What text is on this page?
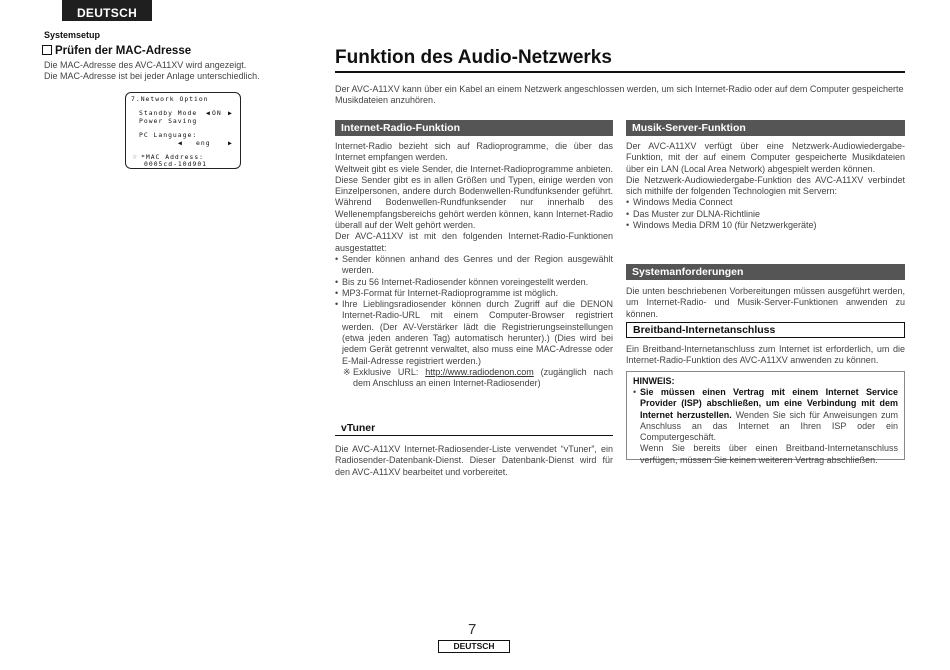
DEUTSCH
Systemsetup
Prüfen der MAC-Adresse
Die MAC-Adresse des AVC-A11XV wird angezeigt.
Die MAC-Adresse ist bei jeder Anlage unterschiedlich.
7.Network Option
Standby Mode ◀ ON ▶
Power Saving
PC Language:
◀ eng	▶
☞ *MAC Address:
0005cd-10d901
Funktion des Audio-Netzwerks
Der AVC-A11XV kann über ein Kabel an einem Netzwerk angeschlossen werden, um sich Internet-Radio oder auf dem Computer gespeicherte Musikdateien anzuhören.
Internet-Radio-Funktion
Internet-Radio bezieht sich auf Radioprogramme, die über das Internet empfangen werden.
Weltweit gibt es viele Sender, die Internet-Radioprogramme anbieten. Diese Sender gibt es in allen Größen und Typen, einige werden von Einzelpersonen, andere durch Bodenwellen-Rundfunksender geführt. Während Bodenwellen-Rundfunksender nur innerhalb des Wellenempfangsbereichs gehört werden können, kann Internet-Radio überall auf der Welt gehört werden.
Der AVC-A11XV ist mit den folgenden Internet-Radio-Funktionen ausgestattet:
• Sender können anhand des Genres und der Region ausgewählt werden.
• Bis zu 56 Internet-Radiosender können voreingestellt werden.
• MP3-Format für Internet-Radioprogramme ist möglich.
• Ihre Lieblingsradiosender können durch Zugriff auf die DENON Internet-Radio-URL mit einem Computer-Browser registriert werden. (Der AV-Verstärker lädt die Registrierungseinstellungen (etwa jeden anderen Tag) automatisch herunter).) (Dies wird bei jedem Gerät getrennt verwaltet, also muss eine MAC-Adresse oder E-Mail-Adresse registriert werden.)
※ Exklusive URL: http://www.radiodenon.com (zugänglich nach dem Anschluss an einen Internet-Radiosender)
vTuner
Die AVC-A11XV Internet-Radiosender-Liste verwendet “vTuner”, ein Radiosender-Datenbank-Dienst. Dieser Datenbank-Dienst wird für den AVC-A11XV bearbeitet und vorbereitet.
Musik-Server-Funktion
Der AVC-A11XV verfügt über eine Netzwerk-Audiowiedergabe-Funktion, mit der auf einem Computer gespeicherte Musikdateien über ein LAN (Local Area Network) abgespielt werden können.
Die Netzwerk-Audiowiedergabe-Funktion des AVC-A11XV verbindet sich mithilfe der folgenden Technologien mit Servern:
• Windows Media Connect
• Das Muster zur DLNA-Richtlinie
• Windows Media DRM 10 (für Netzwerkgeräte)
Systemanforderungen
Die unten beschriebenen Vorbereitungen müssen ausgeführt werden, um Internet-Radio- und Musik-Server-Funktionen anwenden zu können.
Breitband-Internetanschluss
Ein Breitband-Internetanschluss zum Internet ist erforderlich, um die Internet-Radio-Funktion des AVC-A11XV anwenden zu können.
HINWEIS:
• Sie müssen einen Vertrag mit einem Internet Service Provider (ISP) abschließen, um eine Verbindung mit dem Internet herzustellen. Wenden Sie sich für Anweisungen zum Anschluss an das Internet an Ihren ISP oder ein Computergeschäft.
Wenn Sie bereits über einen Breitband-Internetanschluss verfügen, müssen Sie keinen weiteren Vertrag abschließen.
7
DEUTSCH
